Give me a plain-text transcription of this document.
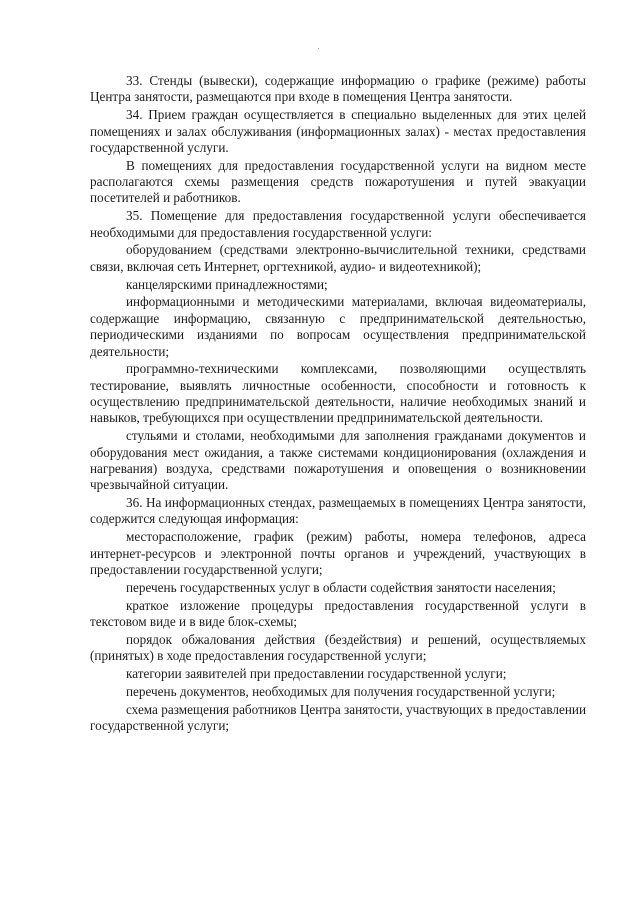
33. Стенды (вывески), содержащие информацию о графике (режиме) работы Центра занятости, размещаются при входе в помещения Центра занятости.

34. Прием граждан осуществляется в специально выделенных для этих целей помещениях и залах обслуживания (информационных залах) - местах предоставления государственной услуги.

В помещениях для предоставления государственной услуги на видном месте располагаются схемы размещения средств пожаротушения и путей эвакуации посетителей и работников.

35. Помещение для предоставления государственной услуги обеспечивается необходимыми для предоставления государственной услуги:

оборудованием (средствами электронно-вычислительной техники, средствами связи, включая сеть Интернет, оргтехникой, аудио- и видеотехникой);

канцелярскими принадлежностями;

информационными и методическими материалами, включая видеоматериалы, содержащие информацию, связанную с предпринимательской деятельностью, периодическими изданиями по вопросам осуществления предпринимательской деятельности;

программно-техническими комплексами, позволяющими осуществлять тестирование, выявлять личностные особенности, способности и готовность к осуществлению предпринимательской деятельности, наличие необходимых знаний и навыков, требующихся при осуществлении предпринимательской деятельности.

стульями и столами, необходимыми для заполнения гражданами документов и оборудования мест ожидания, а также системами кондиционирования (охлаждения и нагревания) воздуха, средствами пожаротушения и оповещения о возникновении чрезвычайной ситуации.

36. На информационных стендах, размещаемых в помещениях Центра занятости, содержится следующая информация:

месторасположение, график (режим) работы, номера телефонов, адреса интернет-ресурсов и электронной почты органов и учреждений, участвующих в предоставлении государственной услуги;

перечень государственных услуг в области содействия занятости населения;

краткое изложение процедуры предоставления государственной услуги в текстовом виде и в виде блок-схемы;

порядок обжалования действия (бездействия) и решений, осуществляемых (принятых) в ходе предоставления государственной услуги;

категории заявителей при предоставлении государственной услуги;

перечень документов, необходимых для получения государственной услуги;

схема размещения работников Центра занятости, участвующих в предоставлении государственной услуги;
